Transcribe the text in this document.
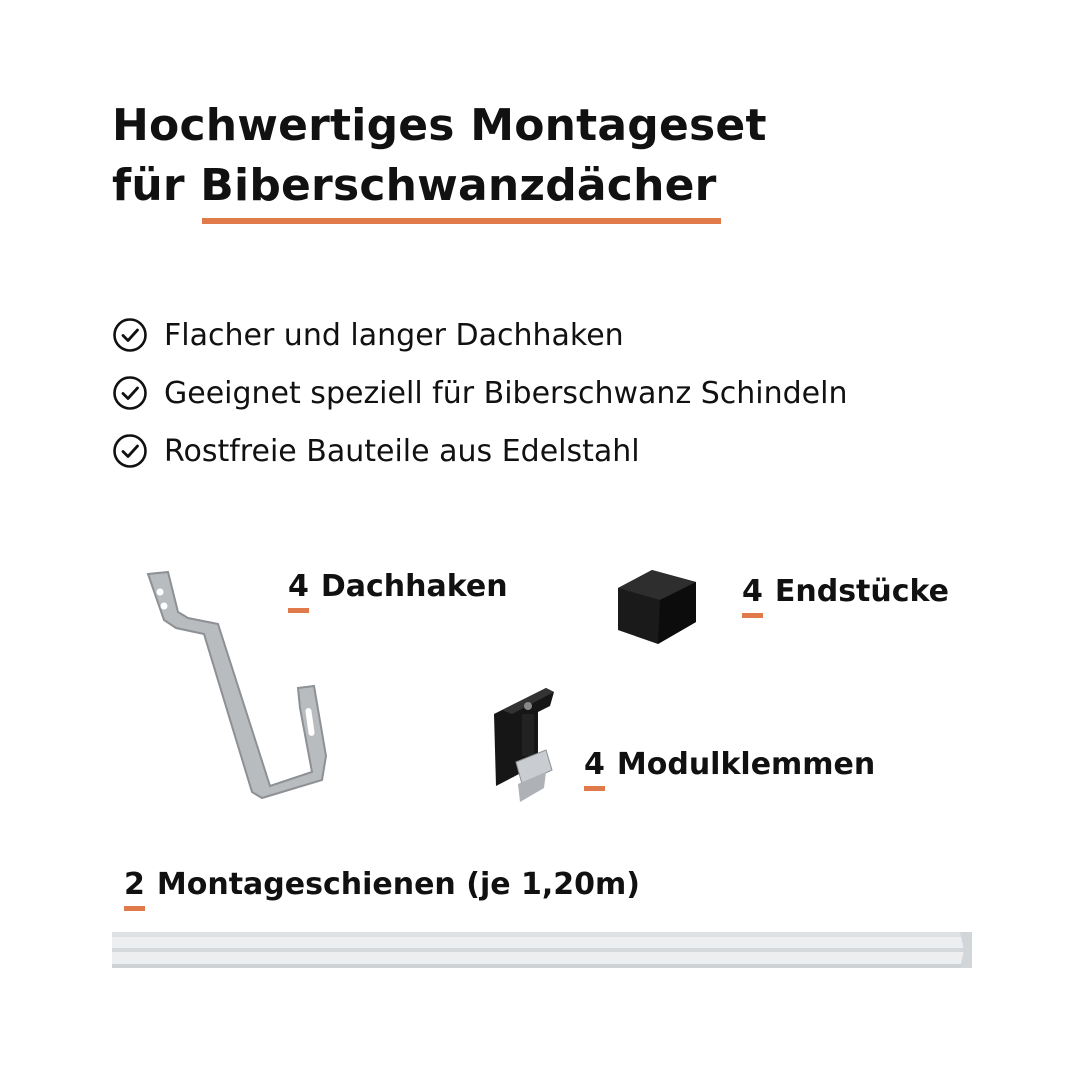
Hochwertiges Montageset
für Biberschwanzdächer
Flacher und langer Dachhaken
Geeignet speziell für Biberschwanz Schindeln
Rostfreie Bauteile aus Edelstahl
4 Dachhaken	4 Endstücke
4 Modulklemmen
2 Montageschienen (je 1,20m)
